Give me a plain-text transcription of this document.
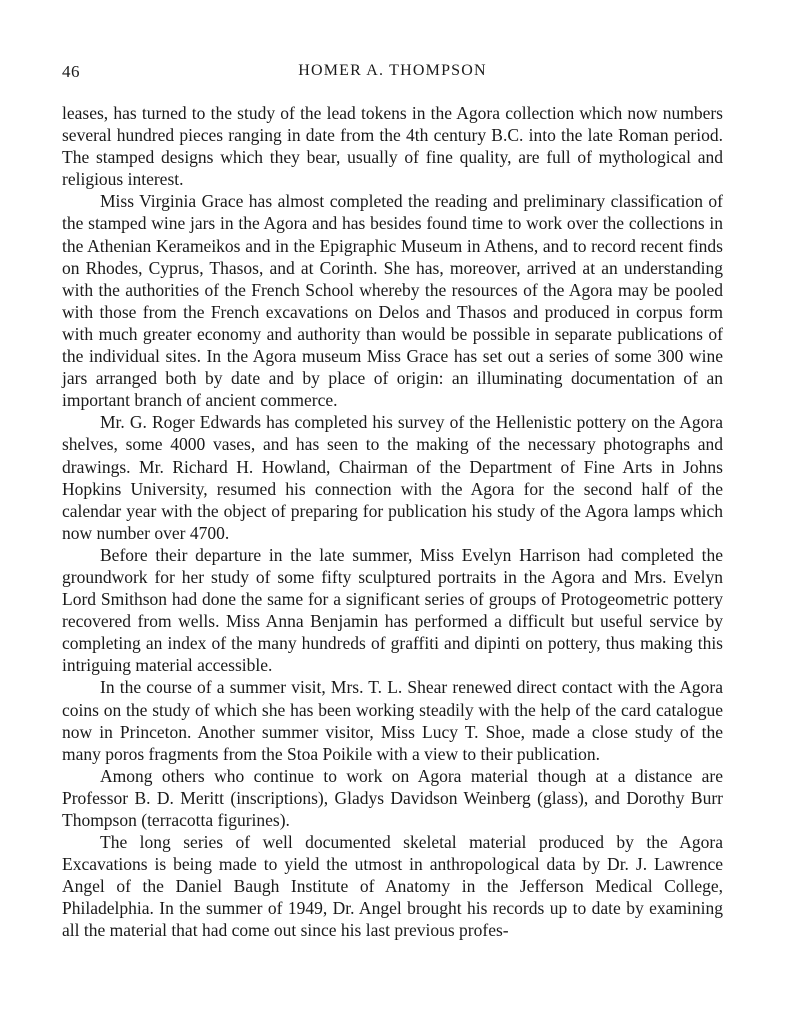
46	HOMER A. THOMPSON

leases, has turned to the study of the lead tokens in the Agora collection which now numbers several hundred pieces ranging in date from the 4th century B.C. into the late Roman period. The stamped designs which they bear, usually of fine quality, are full of mythological and religious interest.

Miss Virginia Grace has almost completed the reading and preliminary classification of the stamped wine jars in the Agora and has besides found time to work over the collections in the Athenian Kerameikos and in the Epigraphic Museum in Athens, and to record recent finds on Rhodes, Cyprus, Thasos, and at Corinth. She has, moreover, arrived at an understanding with the authorities of the French School whereby the resources of the Agora may be pooled with those from the French excavations on Delos and Thasos and produced in corpus form with much greater economy and authority than would be possible in separate publications of the individual sites. In the Agora museum Miss Grace has set out a series of some 300 wine jars arranged both by date and by place of origin: an illuminating documentation of an important branch of ancient commerce.

Mr. G. Roger Edwards has completed his survey of the Hellenistic pottery on the Agora shelves, some 4000 vases, and has seen to the making of the necessary photographs and drawings. Mr. Richard H. Howland, Chairman of the Department of Fine Arts in Johns Hopkins University, resumed his connection with the Agora for the second half of the calendar year with the object of preparing for publication his study of the Agora lamps which now number over 4700.

Before their departure in the late summer, Miss Evelyn Harrison had completed the groundwork for her study of some fifty sculptured portraits in the Agora and Mrs. Evelyn Lord Smithson had done the same for a significant series of groups of Protogeometric pottery recovered from wells. Miss Anna Benjamin has performed a difficult but useful service by completing an index of the many hundreds of graffiti and dipinti on pottery, thus making this intriguing material accessible.

In the course of a summer visit, Mrs. T. L. Shear renewed direct contact with the Agora coins on the study of which she has been working steadily with the help of the card catalogue now in Princeton. Another summer visitor, Miss Lucy T. Shoe, made a close study of the many poros fragments from the Stoa Poikile with a view to their publication.

Among others who continue to work on Agora material though at a distance are Professor B. D. Meritt (inscriptions), Gladys Davidson Weinberg (glass), and Dorothy Burr Thompson (terracotta figurines).

The long series of well documented skeletal material produced by the Agora Excavations is being made to yield the utmost in anthropological data by Dr. J. Lawrence Angel of the Daniel Baugh Institute of Anatomy in the Jefferson Medical College, Philadelphia. In the summer of 1949, Dr. Angel brought his records up to date by examining all the material that had come out since his last previous profes-
